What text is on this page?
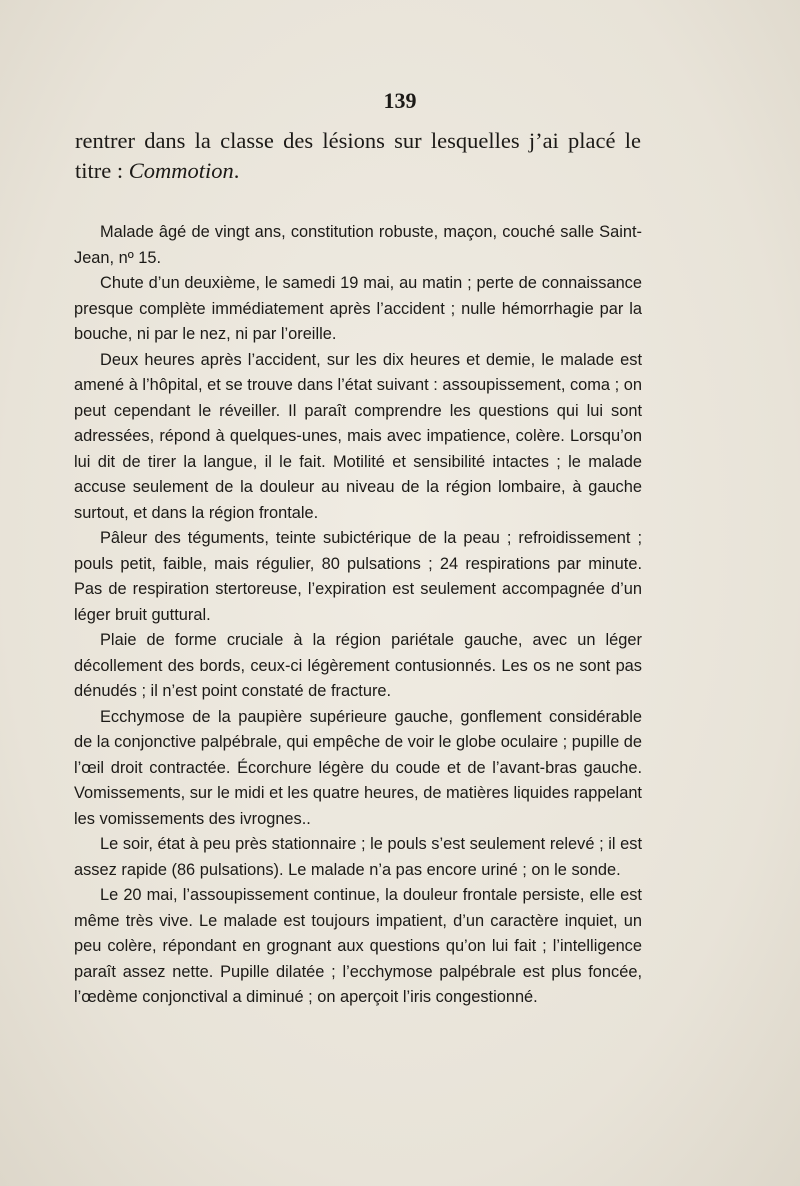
139
rentrer dans la classe des lésions sur lesquelles j’ai placé le titre : Commotion.

Malade âgé de vingt ans, constitution robuste, maçon, couché salle Saint-Jean, nº 15.

Chute d’un deuxième, le samedi 19 mai, au matin ; perte de connaissance presque complète immédiatement après l’accident ; nulle hémorrhagie par la bouche, ni par le nez, ni par l’oreille.

Deux heures après l’accident, sur les dix heures et demie, le malade est amené à l’hôpital, et se trouve dans l’état suivant : assoupissement, coma ; on peut cependant le réveiller. Il paraît comprendre les questions qui lui sont adressées, répond à quelques-unes, mais avec impatience, colère. Lorsqu’on lui dit de tirer la langue, il le fait. Motilité et sensibilité intactes ; le malade accuse seulement de la douleur au niveau de la région lombaire, à gauche surtout, et dans la région frontale.

Pâleur des téguments, teinte subictérique de la peau ; refroidissement ; pouls petit, faible, mais régulier, 80 pulsations ; 24 respirations par minute. Pas de respiration stertoreuse, l’expiration est seulement accompagnée d’un léger bruit guttural.

Plaie de forme cruciale à la région pariétale gauche, avec un léger décollement des bords, ceux-ci légèrement contusionnés. Les os ne sont pas dénudés ; il n’est point constaté de fracture.

Ecchymose de la paupière supérieure gauche, gonflement considérable de la conjonctive palpébrale, qui empêche de voir le globe oculaire ; pupille de l’œil droit contractée. Écorchure légère du coude et de l’avant-bras gauche. Vomissements, sur le midi et les quatre heures, de matières liquides rappelant les vomissements des ivrognes..

Le soir, état à peu près stationnaire ; le pouls s’est seulement relevé ; il est assez rapide (86 pulsations). Le malade n’a pas encore uriné ; on le sonde.

Le 20 mai, l’assoupissement continue, la douleur frontale persiste, elle est même très vive. Le malade est toujours impatient, d’un caractère inquiet, un peu colère, répondant en grognant aux questions qu’on lui fait ; l’intelligence paraît assez nette. Pupille dilatée ; l’ecchymose palpébrale est plus foncée, l’œdème conjonctival a diminué ; on aperçoit l’iris congestionné.
